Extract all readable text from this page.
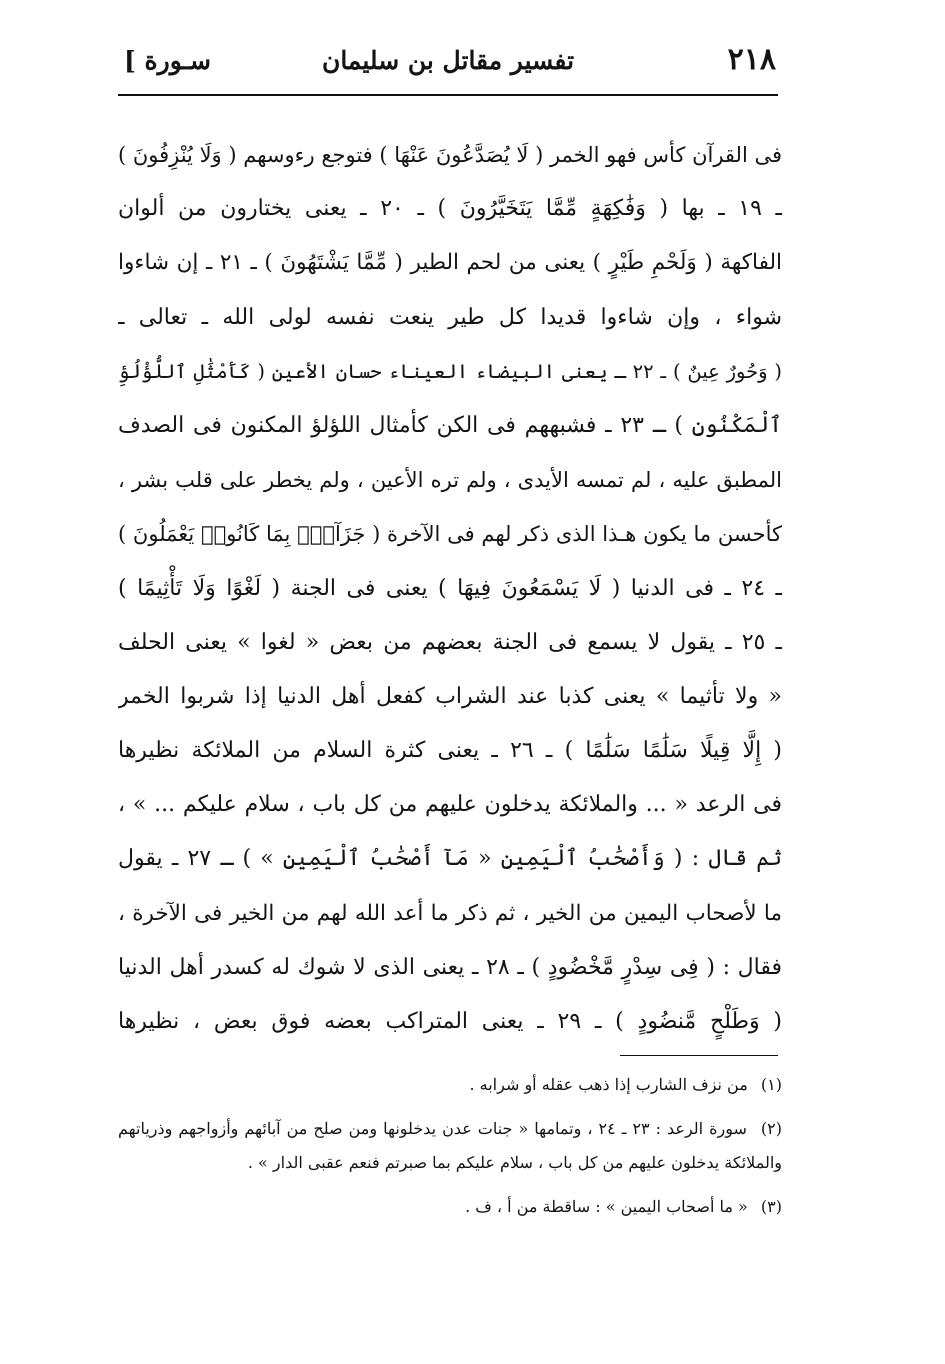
٢١٨
تفسير مقاتل بن سليمان
سـورة ]
فى القرآن كأس فهو الخمر ( لَا يُصَدَّعُونَ عَنْهَا ) فتوجع رءوسهم ( وَلَا يُنْزِفُونَ )
ـ ١٩ ـ بها ( وَفَٰكِهَةٍ مِّمَّا يَتَخَيَّرُونَ ) ـ ٢٠ ـ يعنى يختارون من ألوان
الفاكهة ( وَلَحْمِ طَيْرٍ ) يعنى من لحم الطير ( مِّمَّا يَشْتَهُونَ ) ـ ٢١ ـ إن شاءوا
شواء ، وإن شاءوا قديدا كل طير ينعت نفسه لولى الله ـ تعالى ـ
( وَحُورٌ عِينٌ ) ـ ٢٢ ـ يعنى البيضاء العيناء حسان الأعين ( كَأَمْثَٰلِ ٱللُّؤْلُؤِ
ٱلْمَكْنُونِ ) ـ ٢٣ ـ فشبههم فى الكن كأمثال اللؤلؤ المكنون فى الصدف
المطبق عليه ، لم تمسه الأيدى ، ولم تره الأعين ، ولم يخطر على قلب بشر ،
كأحسن ما يكون هـذا الذى ذكر لهم فى الآخرة ( جَزَآءًۢ بِمَا كَانُوا۟ يَعْمَلُونَ )
ـ ٢٤ ـ فى الدنيا ( لَا يَسْمَعُونَ فِيهَا ) يعنى فى الجنة ( لَغْوًا وَلَا تَأْثِيمًا )
ـ ٢٥ ـ يقول لا يسمع فى الجنة بعضهم من بعض « لغوا » يعنى الحلف
« ولا تأثيما » يعنى كذبا عند الشراب كفعل أهل الدنيا إذا شربوا الخمر
( إِلَّا قِيلًا سَلَٰمًا سَلَٰمًا ) ـ ٢٦ ـ يعنى كثرة السلام من الملائكة نظيرها
فى الرعد « ... والملائكة يدخلون عليهم من كل باب ، سلام عليكم ... » ،
ثم قال : ( وَأَصْحَٰبُ ٱلْيَمِينِ « مَآ أَصْحَٰبُ ٱلْيَمِينِ » ) ـ ٢٧ ـ يقول
ما لأصحاب اليمين من الخير ، ثم ذكر ما أعد الله لهم من الخير فى الآخرة ،
فقال : ( فِى سِدْرٍ مَّخْضُودٍ ) ـ ٢٨ ـ يعنى الذى لا شوك له كسدر أهل الدنيا
( وَطَلْحٍ مَّنضُودٍ ) ـ ٢٩ ـ يعنى المتراكب بعضه فوق بعض ، نظيرها
(١) من نزف الشارب إذا ذهب عقله أو شرابه .
(٢) سورة الرعد : ٢٣ ـ ٢٤ ، وتمامها « جنات عدن يدخلونها ومن صلح من آبائهم وأزواجهم وذرياتهم والملائكة يدخلون عليهم من كل باب ، سلام عليكم بما صبرتم فنعم عقبى الدار » .
(٣) « ما أصحاب اليمين » : ساقطة من أ ، ف .
